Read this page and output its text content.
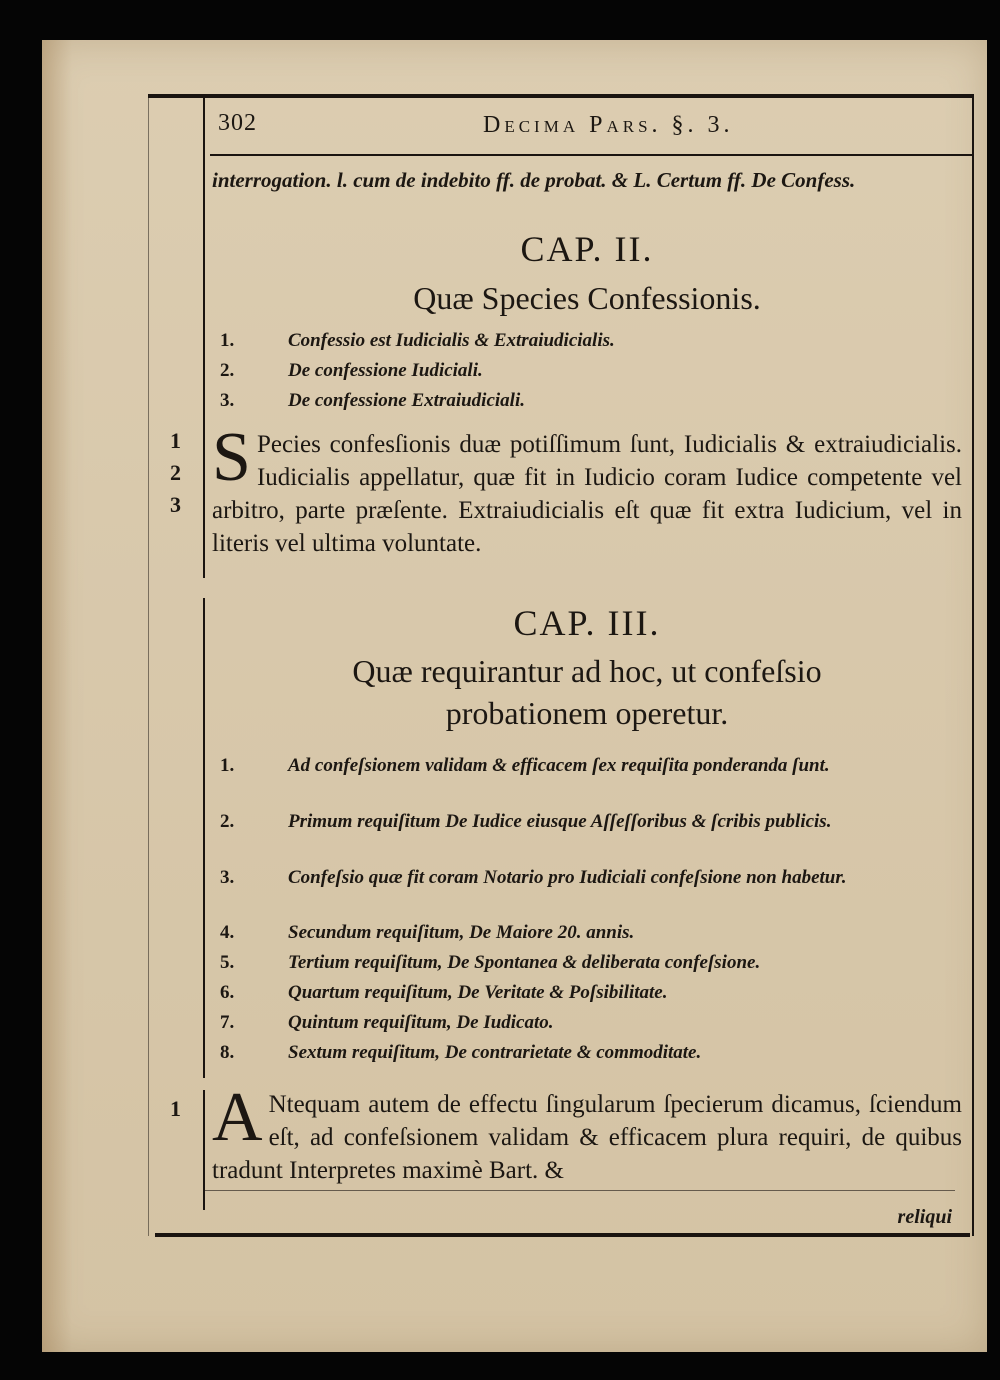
302	Decima Pars. §. 3.
interrogation. l. cum de indebito ff. de probat. & L. Certum ff. De Confess.
CAP. II.
Quæ Species Confessionis.
1.	Confessio est Iudicialis & Extraiudicialis.
2.	De confessione Iudiciali.
3.	De confessione Extraiudiciali.
1
2
3
S Pecies confesſionis duæ potiſſimum ſunt, Iudicialis & extraiudicialis. Iudicialis appellatur, quæ fit in Iudicio coram Iudice competente vel arbitro, parte præſente. Extraiudicialis eſt quæ fit extra Iudicium, vel in literis vel ultima voluntate.
CAP. III.
Quæ requirantur ad hoc, ut confeſsio probationem operetur.
1.	Ad confeſsionem validam & efficacem ſex requiſita ponderanda ſunt.
2.	Primum requiſitum De Iudice eiusque Aſſeſſoribus & ſcribis publicis.
3.	Confeſsio quæ fit coram Notario pro Iudiciali confeſsione non habetur.
4.	Secundum requiſitum, De Maiore 20. annis.
5.	Tertium requiſitum, De Spontanea & deliberata confeſsione.
6.	Quartum requiſitum, De Veritate & Poſsibilitate.
7.	Quintum requiſitum, De Iudicato.
8.	Sextum requiſitum, De contrarietate & commoditate.
1 A Ntequam autem de effectu ſingularum ſpecierum dicamus, ſciendum eſt, ad confeſsionem validam & efficacem plura requiri, de quibus tradunt Interpretes maximè Bart. &
reliqui
